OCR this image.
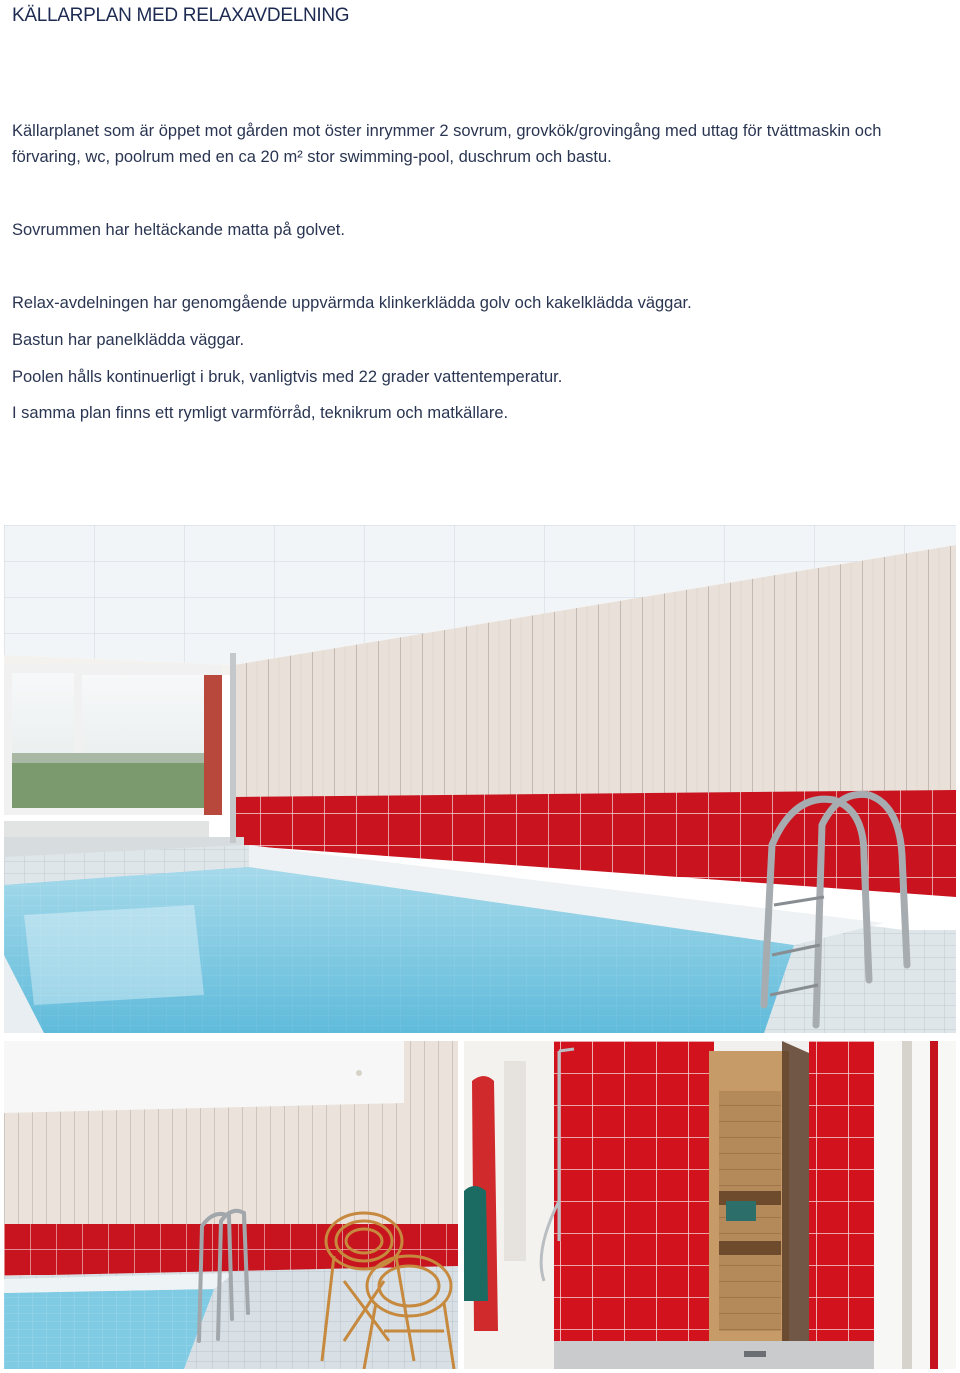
KÄLLARPLAN MED RELAXAVDELNING

Källarplanet som är öppet mot gården mot öster inrymmer 2 sovrum, grovkök/grovingång med uttag för tvättmaskin och förvaring, wc, poolrum med en ca 20 m² stor swimming-pool, duschrum och bastu.

Sovrummen har heltäckande matta på golvet.

Relax-avdelningen har genomgående uppvärmda klinkerklädda golv och kakelklädda väggar.

Bastun har panelklädda väggar.

Poolen hålls kontinuerligt i bruk, vanligtvis med 22 grader vattentemperatur.

I samma plan finns ett rymligt varmförråd, teknikrum och matkällare.
